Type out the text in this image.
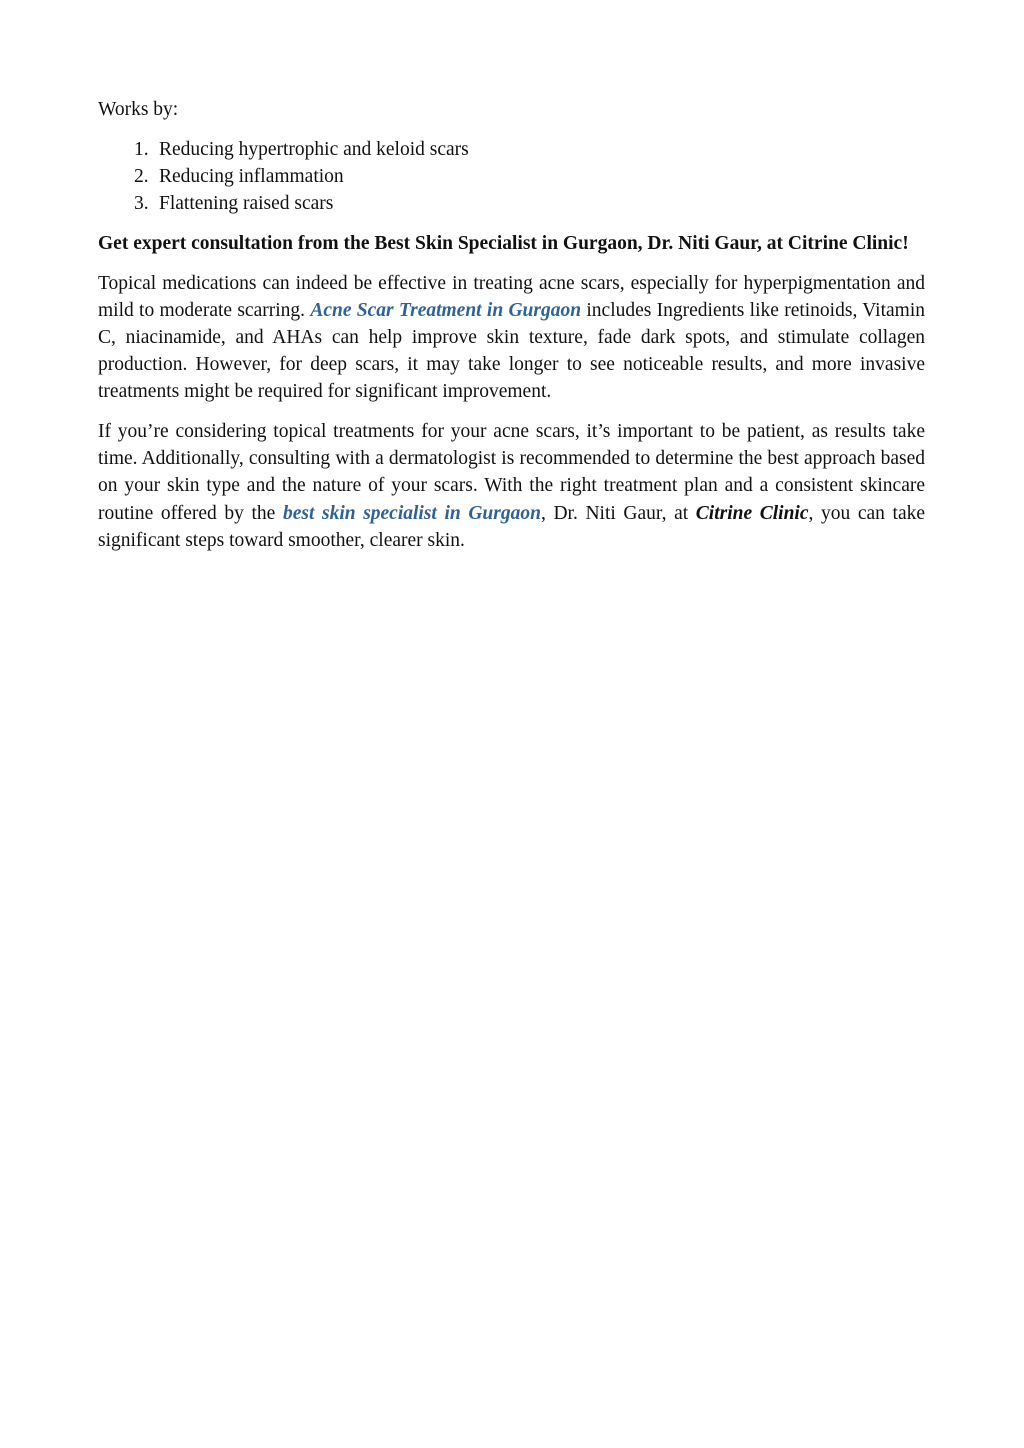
Works by:

1. Reducing hypertrophic and keloid scars
2. Reducing inflammation
3. Flattening raised scars

Get expert consultation from the Best Skin Specialist in Gurgaon, Dr. Niti Gaur, at Citrine Clinic!

Topical medications can indeed be effective in treating acne scars, especially for hyperpigmentation and mild to moderate scarring. Acne Scar Treatment in Gurgaon includes Ingredients like retinoids, Vitamin C, niacinamide, and AHAs can help improve skin texture, fade dark spots, and stimulate collagen production. However, for deep scars, it may take longer to see noticeable results, and more invasive treatments might be required for significant improvement.

If you’re considering topical treatments for your acne scars, it’s important to be patient, as results take time. Additionally, consulting with a dermatologist is recommended to determine the best approach based on your skin type and the nature of your scars. With the right treatment plan and a consistent skincare routine offered by the best skin specialist in Gurgaon, Dr. Niti Gaur, at Citrine Clinic, you can take significant steps toward smoother, clearer skin.
